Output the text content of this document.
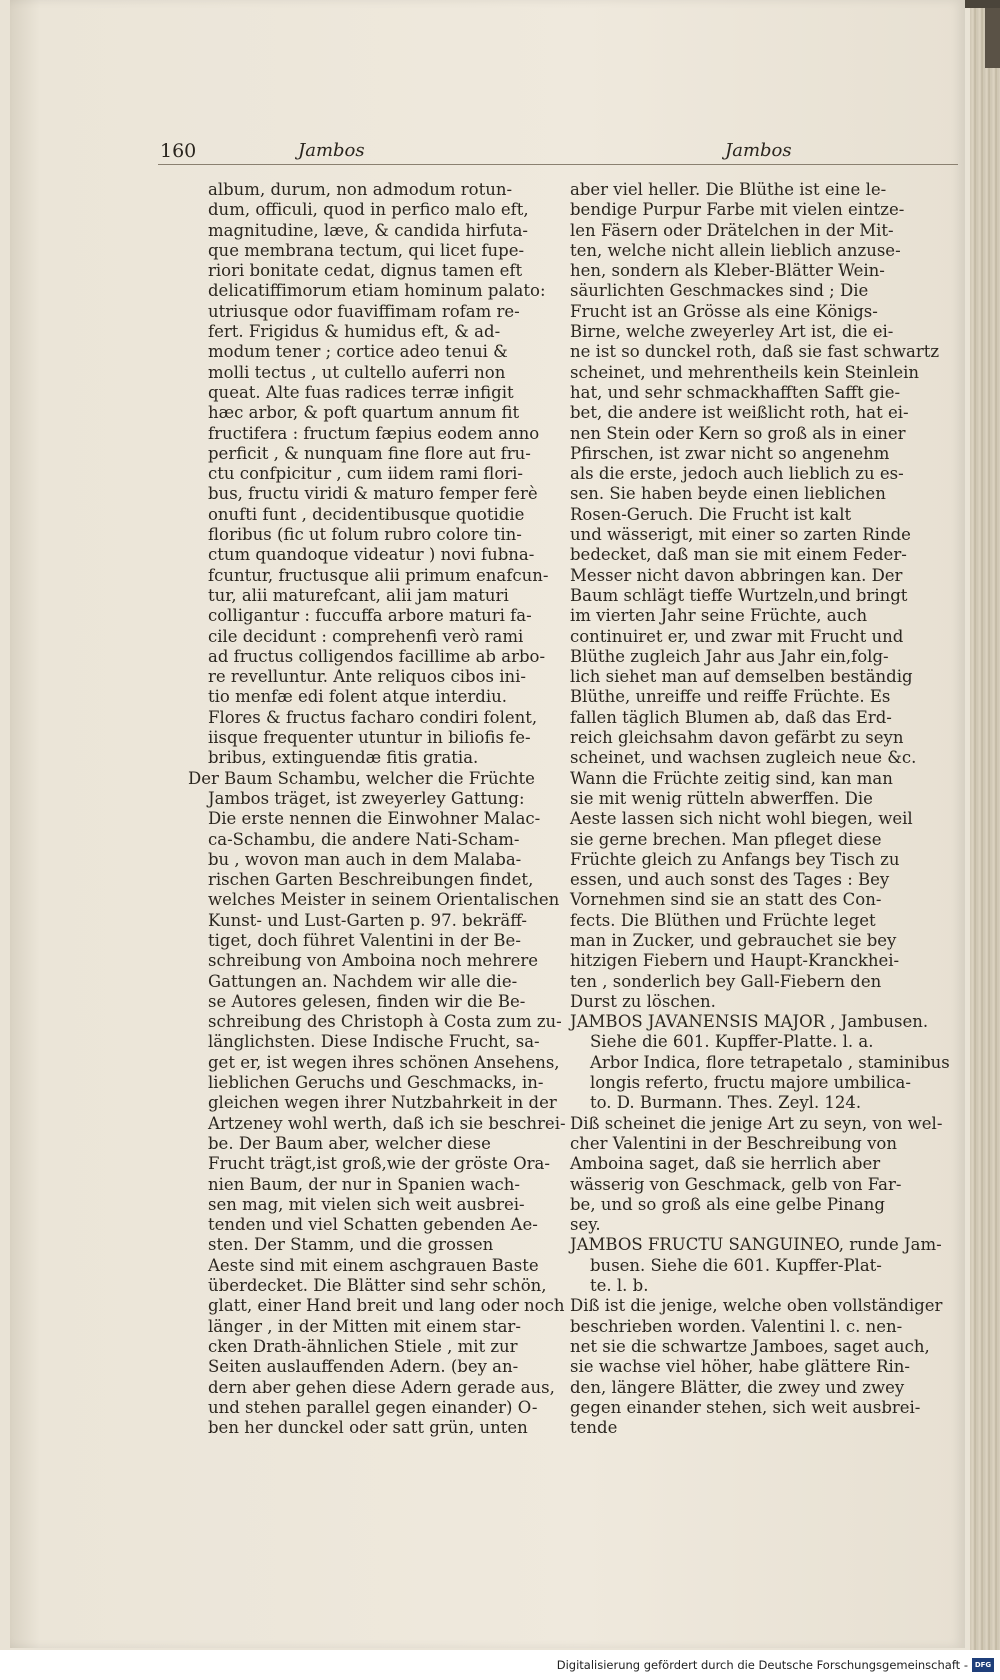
160	Jambos	Jambos
album, durum, non admodum rotun-
dum, officuli, quod in perfico malo eft,
magnitudine, læve, & candida hirfuta-
que membrana tectum, qui licet fupe-
riori bonitate cedat, dignus tamen eft
delicatiffimorum etiam hominum palato:
utriusque odor fuaviffimam rofam re-
fert. Frigidus & humidus eft, & ad-
modum tener ; cortice adeo tenui &
molli tectus , ut cultello auferri non
queat. Alte fuas radices terræ infigit
hæc arbor, & poft quartum annum fit
fructifera : fructum fæpius eodem anno
perficit , & nunquam fine flore aut fru-
ctu confpicitur , cum iidem rami flori-
bus, fructu viridi & maturo femper ferè
onufti funt , decidentibusque quotidie
floribus (fic ut folum rubro colore tin-
ctum quandoque videatur ) novi fubna-
fcuntur, fructusque alii primum enafcun-
tur, alii maturefcant, alii jam maturi
colligantur : fuccuffa arbore maturi fa-
cile decidunt : comprehenfi verò rami
ad fructus colligendos facillime ab arbo-
re revelluntur. Ante reliquos cibos ini-
tio menfæ edi folent atque interdiu.
Flores & fructus facharo condiri folent,
iisque frequenter utuntur in biliofis fe-
bribus, extinguendæ fitis gratia.
Der Baum Schambu, welcher die Früchte
Jambos träget, ist zweyerley Gattung:
Die erste nennen die Einwohner Malac-
ca-Schambu, die andere Nati-Scham-
bu , wovon man auch in dem Malaba-
rischen Garten Beschreibungen findet,
welches Meister in seinem Orientalischen
Kunst- und Lust-Garten p. 97. bekräff-
tiget, doch führet Valentini in der Be-
schreibung von Amboina noch mehrere
Gattungen an. Nachdem wir alle die-
se Autores gelesen, finden wir die Be-
schreibung des Christoph à Costa zum zu-
länglichsten. Diese Indische Frucht, sa-
get er, ist wegen ihres schönen Ansehens,
lieblichen Geruchs und Geschmacks, in-
gleichen wegen ihrer Nutzbahrkeit in der
Artzeney wohl werth, daß ich sie beschrei-
be. Der Baum aber, welcher diese
Frucht trägt,ist groß,wie der gröste Ora-
nien Baum, der nur in Spanien wach-
sen mag, mit vielen sich weit ausbrei-
tenden und viel Schatten gebenden Ae-
sten. Der Stamm, und die grossen
Aeste sind mit einem aschgrauen Baste
überdecket. Die Blätter sind sehr schön,
glatt, einer Hand breit und lang oder noch
länger , in der Mitten mit einem star-
cken Drath-ähnlichen Stiele , mit zur
Seiten auslauffenden Adern. (bey an-
dern aber gehen diese Adern gerade aus,
und stehen parallel gegen einander) O-
ben her dunckel oder satt grün, unten
aber viel heller. Die Blüthe ist eine le-
bendige Purpur Farbe mit vielen eintze-
len Fäsern oder Drätelchen in der Mit-
ten, welche nicht allein lieblich anzuse-
hen, sondern als Kleber-Blätter Wein-
säurlichten Geschmackes sind ; Die
Frucht ist an Grösse als eine Königs-
Birne, welche zweyerley Art ist, die ei-
ne ist so dunckel roth, daß sie fast schwartz
scheinet, und mehrentheils kein Steinlein
hat, und sehr schmackhafften Safft gie-
bet, die andere ist weißlicht roth, hat ei-
nen Stein oder Kern so groß als in einer
Pfirschen, ist zwar nicht so angenehm
als die erste, jedoch auch lieblich zu es-
sen. Sie haben beyde einen lieblichen
Rosen-Geruch. Die Frucht ist kalt
und wässerigt, mit einer so zarten Rinde
bedecket, daß man sie mit einem Feder-
Messer nicht davon abbringen kan. Der
Baum schlägt tieffe Wurtzeln,und bringt
im vierten Jahr seine Früchte, auch
continuiret er, und zwar mit Frucht und
Blüthe zugleich Jahr aus Jahr ein,folg-
lich siehet man auf demselben beständig
Blüthe, unreiffe und reiffe Früchte. Es
fallen täglich Blumen ab, daß das Erd-
reich gleichsahm davon gefärbt zu seyn
scheinet, und wachsen zugleich neue &c.
Wann die Früchte zeitig sind, kan man
sie mit wenig rütteln abwerffen. Die
Aeste lassen sich nicht wohl biegen, weil
sie gerne brechen. Man pfleget diese
Früchte gleich zu Anfangs bey Tisch zu
essen, und auch sonst des Tages : Bey
Vornehmen sind sie an statt des Con-
fects. Die Blüthen und Früchte leget
man in Zucker, und gebrauchet sie bey
hitzigen Fiebern und Haupt-Kranckhei-
ten , sonderlich bey Gall-Fiebern den
Durst zu löschen.
JAMBOS JAVANENSIS MAJOR , Jambusen.
Siehe die 601. Kupffer-Platte. l. a.
Arbor Indica, flore tetrapetalo , staminibus
longis referto, fructu majore umbilica-
to. D. Burmann. Thes. Zeyl. 124.
Diß scheinet die jenige Art zu seyn, von wel-
cher Valentini in der Beschreibung von
Amboina saget, daß sie herrlich aber
wässerig von Geschmack, gelb von Far-
be, und so groß als eine gelbe Pinang
sey.
JAMBOS FRUCTU SANGUINEO, runde Jam-
busen. Siehe die 601. Kupffer-Plat-
te. l. b.
Diß ist die jenige, welche oben vollständiger
beschrieben worden. Valentini l. c. nen-
net sie die schwartze Jamboes, saget auch,
sie wachse viel höher, habe glättere Rin-
den, längere Blätter, die zwey und zwey
gegen einander stehen, sich weit ausbrei-
tende
Digitalisierung gefördert durch die Deutsche Forschungsgemeinschaft - DFG
